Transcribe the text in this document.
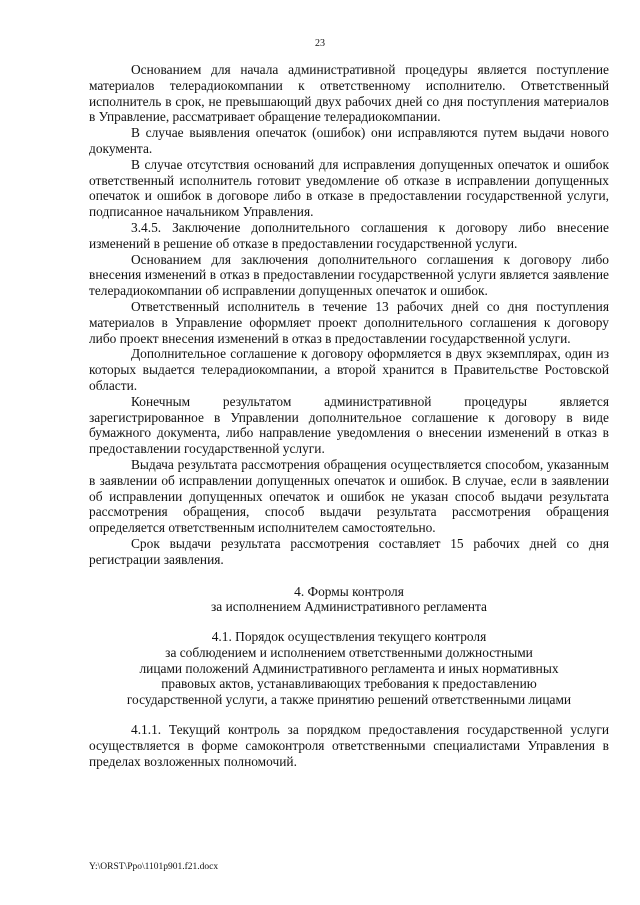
23

Основанием для начала административной процедуры является поступление материалов телерадиокомпании к ответственному исполнителю. Ответственный исполнитель в срок, не превышающий двух рабочих дней со дня поступления материалов в Управление, рассматривает обращение телерадиокомпании.

В случае выявления опечаток (ошибок) они исправляются путем выдачи нового документа.

В случае отсутствия оснований для исправления допущенных опечаток и ошибок ответственный исполнитель готовит уведомление об отказе в исправлении допущенных опечаток и ошибок в договоре либо в отказе в предоставлении государственной услуги, подписанное начальником Управления.

3.4.5. Заключение дополнительного соглашения к договору либо внесение изменений в решение об отказе в предоставлении государственной услуги.

Основанием для заключения дополнительного соглашения к договору либо внесения изменений в отказ в предоставлении государственной услуги является заявление телерадиокомпании об исправлении допущенных опечаток и ошибок.

Ответственный исполнитель в течение 13 рабочих дней со дня поступления материалов в Управление оформляет проект дополнительного соглашения к договору либо проект внесения изменений в отказ в предоставлении государственной услуги.

Дополнительное соглашение к договору оформляется в двух экземплярах, один из которых выдается телерадиокомпании, а второй хранится в Правительстве Ростовской области.

Конечным результатом административной процедуры является зарегистрированное в Управлении дополнительное соглашение к договору в виде бумажного документа, либо направление уведомления о внесении изменений в отказ в предоставлении государственной услуги.

Выдача результата рассмотрения обращения осуществляется способом, указанным в заявлении об исправлении допущенных опечаток и ошибок. В случае, если в заявлении об исправлении допущенных опечаток и ошибок не указан способ выдачи результата рассмотрения обращения, способ выдачи результата рассмотрения обращения определяется ответственным исполнителем самостоятельно.

Срок выдачи результата рассмотрения составляет 15 рабочих дней со дня регистрации заявления.

4. Формы контроля
за исполнением Административного регламента
4.1. Порядок осуществления текущего контроля
за соблюдением и исполнением ответственными должностными
лицами положений Административного регламента и иных нормативных
правовых актов, устанавливающих требования к предоставлению
государственной услуги, а также принятию решений ответственными лицами

4.1.1. Текущий контроль за порядком предоставления государственной услуги осуществляется в форме самоконтроля ответственными специалистами Управления в пределах возложенных полномочий.

Y:\ORST\Ppo\1101p901.f21.docx
